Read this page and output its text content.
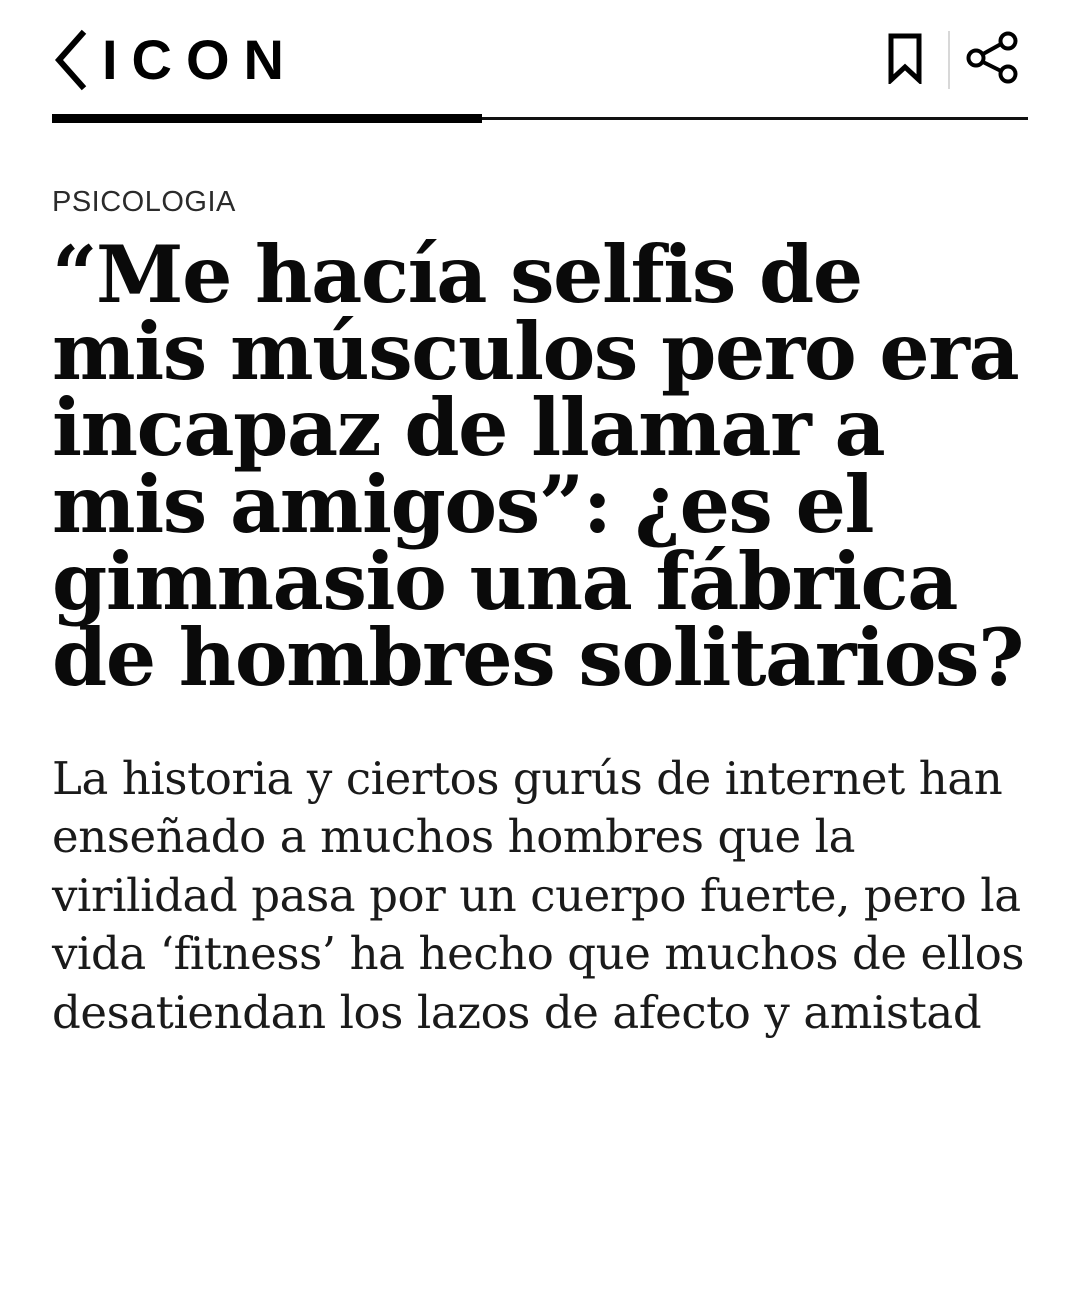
ICON
PSICOLOGIA
“Me hacía selfis de mis músculos pero era incapaz de llamar a mis amigos”: ¿es el gimnasio una fábrica de hombres solitarios?

La historia y ciertos gurús de internet han enseñado a muchos hombres que la virilidad pasa por un cuerpo fuerte, pero la vida ‘fitness’ ha hecho que muchos de ellos desatiendan los lazos de afecto y amistad
